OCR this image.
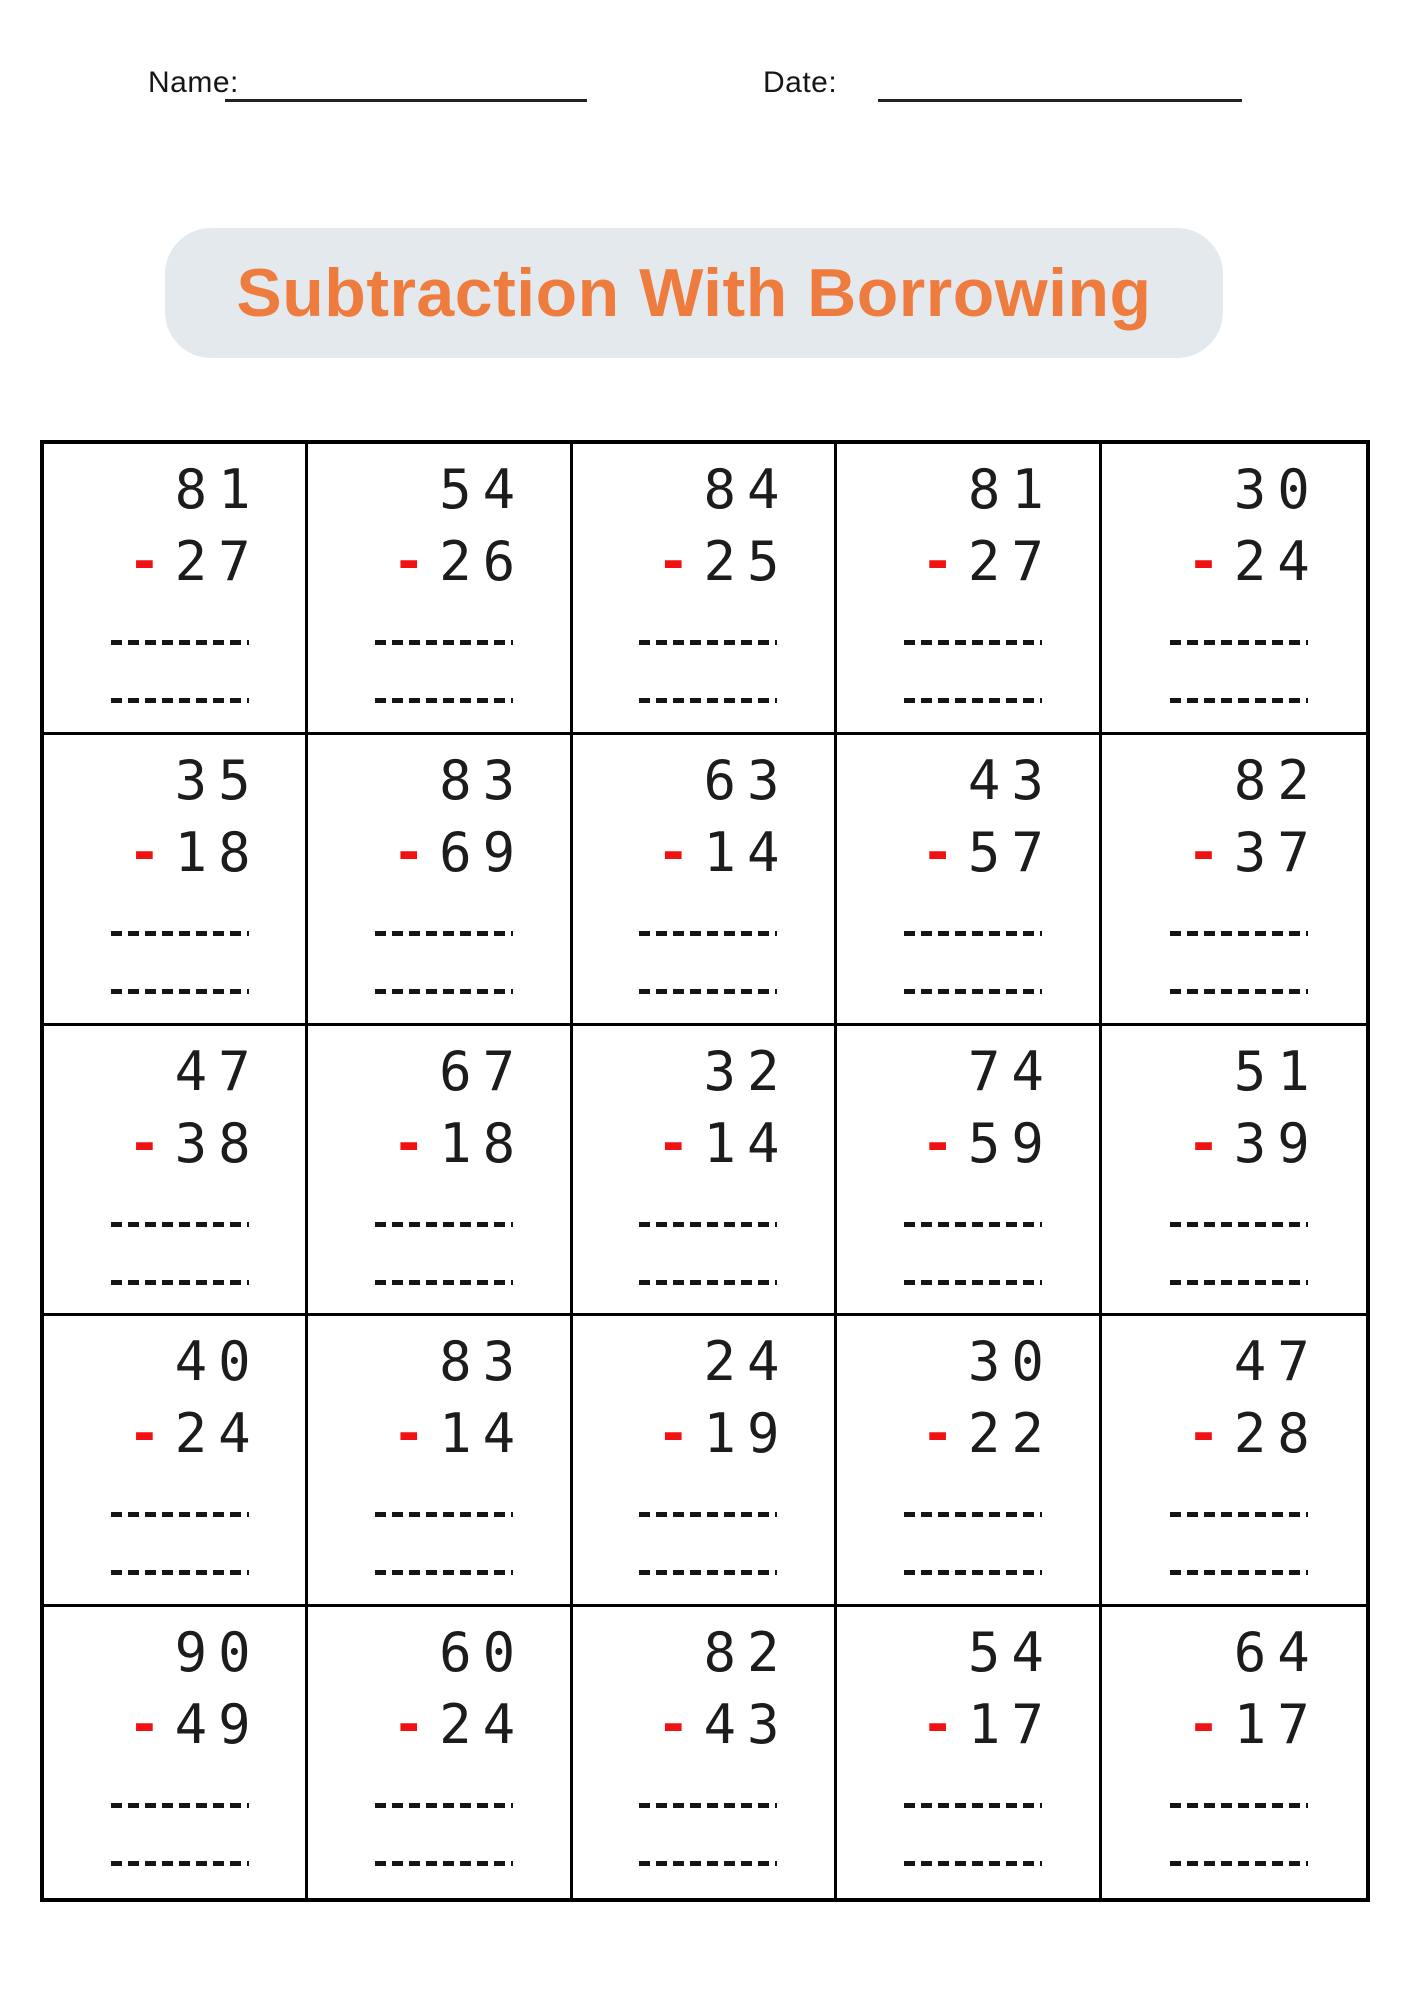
Name:	Date:
Subtraction With Borrowing
81
- 27
54
- 26
84
- 25
81
- 27
30
- 24
35
- 18
83
- 69
63
- 14
43
- 57
82
- 37
47
- 38
67
- 18
32
- 14
74
- 59
51
- 39
40
- 24
83
- 14
24
- 19
30
- 22
47
- 28
90
- 49
60
- 24
82
- 43
54
- 17
64
- 17
